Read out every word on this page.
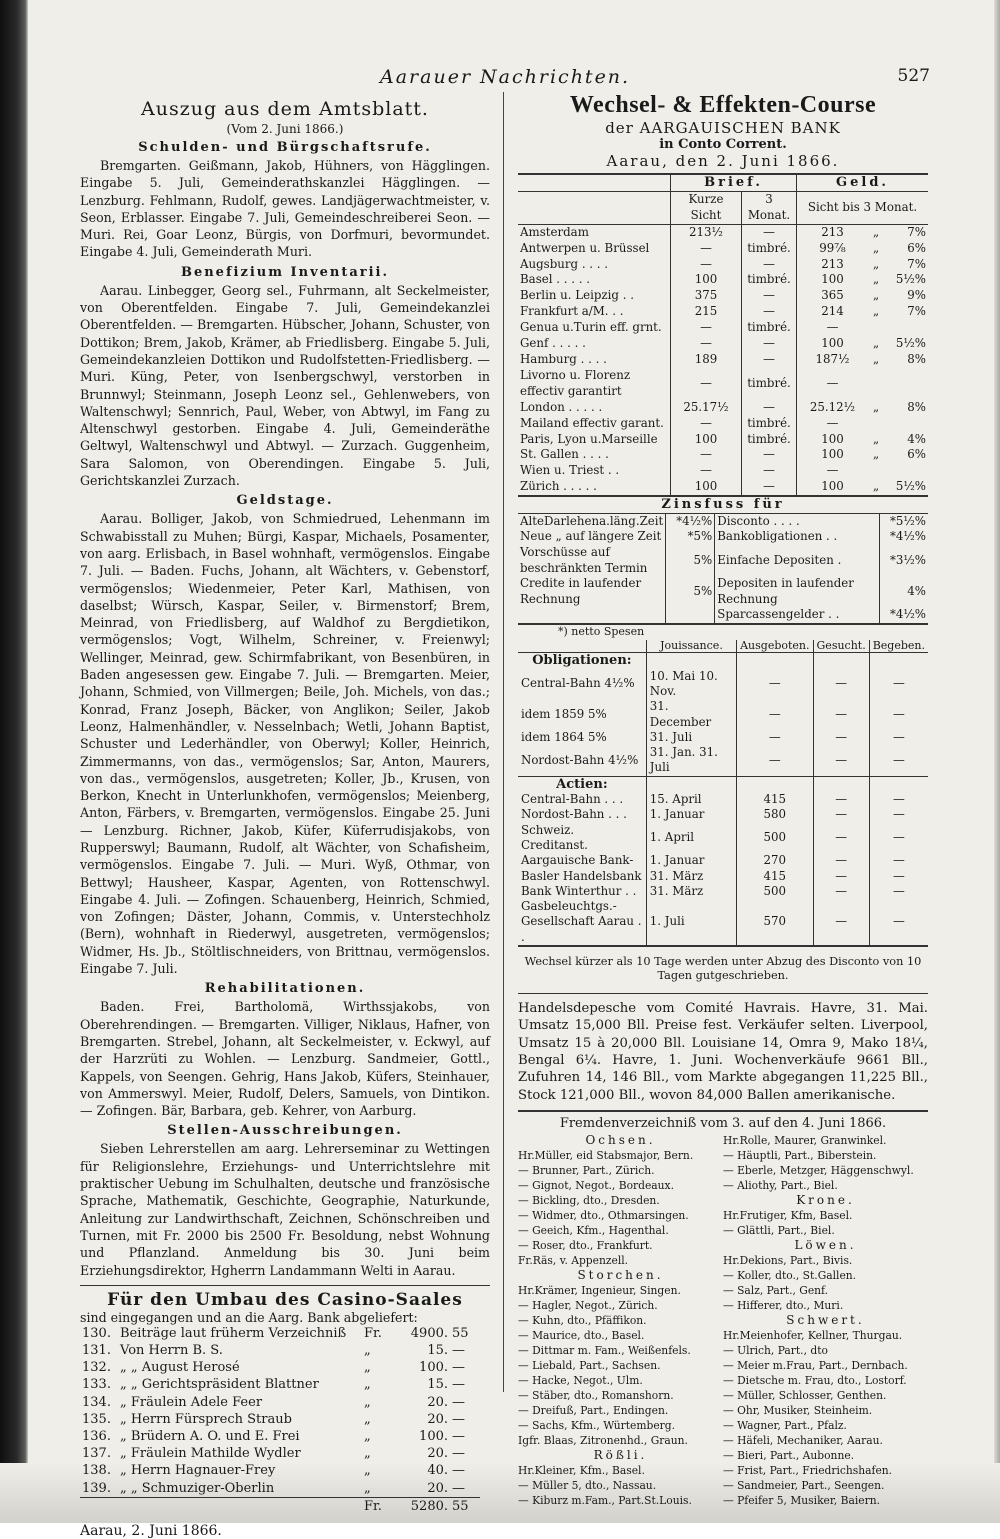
Aarauer Nachrichten.	527
Auszug aus dem Amtsblatt.
(Vom 2. Juni 1866.)
Schulden- und Bürgschaftsrufe.

Bremgarten. Geißmann, Jakob, Hühners, von Hägglingen. Eingabe 5. Juli, Gemeinderathskanzlei Hägglingen. — Lenzburg. Fehlmann, Rudolf, gewes. Landjägerwachtmeister, v. Seon, Erblasser. Eingabe 7. Juli, Gemeindeschreiberei Seon. — Muri. Rei, Goar Leonz, Bürgis, von Dorfmuri, bevormundet. Eingabe 4. Juli, Gemeinderath Muri.

Benefizium Inventarii.

Aarau. Linbegger, Georg sel., Fuhrmann, alt Seckelmeister, von Oberentfelden. Eingabe 7. Juli, Gemeindekanzlei Oberentfelden. — Bremgarten. Hübscher, Johann, Schuster, von Dottikon; Brem, Jakob, Krämer, ab Friedlisberg. Eingabe 5. Juli, Gemeindekanzleien Dottikon und Rudolfstetten-Friedlisberg. — Muri. Küng, Peter, von Isenbergschwyl, verstorben in Brunnwyl; Steinmann, Joseph Leonz sel., Gehlenwebers, von Waltenschwyl; Sennrich, Paul, Weber, von Abtwyl, im Fang zu Altenschwyl gestorben. Eingabe 4. Juli, Gemeinderäthe Geltwyl, Waltenschwyl und Abtwyl. — Zurzach. Guggenheim, Sara Salomon, von Oberendingen. Eingabe 5. Juli, Gerichtskanzlei Zurzach.

Geldstage.

Aarau. Bolliger, Jakob, von Schmiedrued, Lehenmann im Schwabisstall zu Muhen; Bürgi, Kaspar, Michaels, Posamenter, von aarg. Erlisbach, in Basel wohnhaft, vermögenslos. Eingabe 7. Juli. — Baden. Fuchs, Johann, alt Wächters, v. Gebenstorf, vermögenslos; Wiedenmeier, Peter Karl, Mathisen, von daselbst; Würsch, Kaspar, Seiler, v. Birmenstorf; Brem, Meinrad, von Friedlisberg, auf Waldhof zu Bergdietikon, vermögenslos; Vogt, Wilhelm, Schreiner, v. Freienwyl; Wellinger, Meinrad, gew. Schirmfabrikant, von Besenbüren, in Baden angesessen gew. Eingabe 7. Juli. — Bremgarten. Meier, Johann, Schmied, von Villmergen; Beile, Joh. Michels, von das.; Konrad, Franz Joseph, Bäcker, von Anglikon; Seiler, Jakob Leonz, Halmenhändler, v. Nesselnbach; Wetli, Johann Baptist, Schuster und Lederhändler, von Oberwyl; Koller, Heinrich, Zimmermanns, von das., vermögenslos; Sar, Anton, Maurers, von das., vermögenslos, ausgetreten; Koller, Jb., Krusen, von Berkon, Knecht in Unterlunkhofen, vermögenslos; Meienberg, Anton, Färbers, v. Bremgarten, vermögenslos. Eingabe 25. Juni — Lenzburg. Richner, Jakob, Küfer, Küferrudisjakobs, von Rupperswyl; Baumann, Rudolf, alt Wächter, von Schafisheim, vermögenslos. Eingabe 7. Juli. — Muri. Wyß, Othmar, von Bettwyl; Hausheer, Kaspar, Agenten, von Rottenschwyl. Eingabe 4. Juli. — Zofingen. Schauenberg, Heinrich, Schmied, von Zofingen; Däster, Johann, Commis, v. Unterstechholz (Bern), wohnhaft in Riederwyl, ausgetreten, vermögenslos; Widmer, Hs. Jb., Stöltlischneiders, von Brittnau, vermögenslos. Eingabe 7. Juli.

Rehabilitationen.

Baden. Frei, Bartholomä, Wirthssjakobs, von Oberehrendingen. — Bremgarten. Villiger, Niklaus, Hafner, von Bremgarten. Strebel, Johann, alt Seckelmeister, v. Eckwyl, auf der Harzrüti zu Wohlen. — Lenzburg. Sandmeier, Gottl., Kappels, von Seengen. Gehrig, Hans Jakob, Küfers, Steinhauer, von Ammerswyl. Meier, Rudolf, Delers, Samuels, von Dintikon. — Zofingen. Bär, Barbara, geb. Kehrer, von Aarburg.

Stellen-Ausschreibungen.

Sieben Lehrerstellen am aarg. Lehrerseminar zu Wettingen für Religionslehre, Erziehungs- und Unterrichtslehre mit praktischer Uebung im Schulhalten, deutsche und französische Sprache, Mathematik, Geschichte, Geographie, Naturkunde, Anleitung zur Landwirthschaft, Zeichnen, Schönschreiben und Turnen, mit Fr. 2000 bis 2500 Fr. Besoldung, nebst Wohnung und Pflanzland. Anmeldung bis 30. Juni beim Erziehungsdirektor, Hgherrn Landammann Welti in Aarau.

Für den Umbau des Casino-Saales
sind eingegangen und an die Aarg. Bank abgeliefert:
130.	Beiträge laut früherm Verzeichniß	Fr.	4900.	55
131.	Von Herrn B. S.	„	15.	—
132.	„ „ August Herosé	„	100.	—
133.	„ „ Gerichtspräsident Blattner	„	15.	—
134.	„ Fräulein Adele Feer	„	20.	—
135.	„ Herrn Fürsprech Straub	„	20.	—
136.	„ Brüdern A. O. und E. Frei	„	100.	—
137.	„ Fräulein Mathilde Wydler	„	20.	—
138.	„ Herrn Hagnauer-Frey	„	40.	—
139.	„ „ Schmuziger-Oberlin	„	20.	—
		Fr.	5280.	55
Aarau, 2. Juni 1866.
Wechsel- & Effekten-Course
der AARGAUISCHEN BANK
in Conto Corrent.
Aarau, den 2. Juni 1866.
	Brief.		Geld.		
	Kurze Sicht	3 Monat.	Sicht bis 3 Monat.		
Amsterdam	213½	—	213	„	7%
Antwerpen u. Brüssel	—	timbré.	99⅞	„	6%
Augsburg . . . .	—	—	213	„	7%
Basel . . . . .	100	timbré.	100	„	5½%
Berlin u. Leipzig . .	375	—	365	„	9%
Frankfurt a/M. . .	215	—	214	„	7%
Genua u.Turin eff. grnt.	—	timbré.	—		
Genf . . . . .	—	—	100	„	5½%
Hamburg . . . .	189	—	187½	„	8%
Livorno u. Florenz effectiv garantirt	—	timbré.	—		
London . . . . .	25.17½	—	25.12½	„	8%
Mailand effectiv garant.	—	timbré.	—		
Paris, Lyon u.Marseille	100	timbré.	100	„	4%
St. Gallen . . . .	—	—	100	„	6%
Wien u. Triest . .	—	—	—		
Zürich . . . . .	100	—	100	„	5½%
Zinsfuss für			
AlteDarlehena.läng.Zeit	*4½%	Disconto . . . .	*5½%
Neue „ auf längere Zeit	*5%	Bankobligationen . .	*4½%
Vorschüsse auf beschränkten Termin	5%	Einfache Depositen .	*3½%
Credite in laufender Rechnung	5%	Depositen in laufender Rechnung	4%
		Sparcassengelder . .	*4½%
*) netto Spesen
	Jouissance.	Ausgeboten.	Gesucht.	Begeben.
Obligationen:				
Central-Bahn 4½%	10. Mai 10. Nov.	—	—	—
idem 1859 5%	31. December	—	—	—
idem 1864 5%	31. Juli	—	—	—
Nordost-Bahn 4½%	31. Jan. 31. Juli	—	—	—
Actien:				
Central-Bahn . . .	15. April	415	—	—
Nordost-Bahn . . .	1. Januar	580	—	—
Schweiz. Creditanst.	1. April	500	—	—
Aargauische Bank-	1. Januar	270	—	—
Basler Handelsbank	31. März	415	—	—
Bank Winterthur . .	31. März	500	—	—
Gasbeleuchtgs.-Gesellschaft Aarau . .	1. Juli	570	—	—
Wechsel kürzer als 10 Tage werden unter Abzug des Disconto von 10 Tagen gutgeschrieben.
Handelsdepesche vom Comité Havrais. Havre, 31. Mai. Umsatz 15,000 Bll. Preise fest. Verkäufer selten. Liverpool, Umsatz 15 à 20,000 Bll. Louisiane 14, Omra 9, Mako 18¼, Bengal 6¼. Havre, 1. Juni. Wochenverkäufe 9661 Bll., Zufuhren 14, 146 Bll., vom Markte abgegangen 11,225 Bll., Stock 121,000 Bll., wovon 84,000 Ballen amerikanische.
Fremdenverzeichniß vom 3. auf den 4. Juni 1866.
Ochsen.
Hr.Müller, eid Stabsmajor, Bern.
— Brunner, Part., Zürich.
— Gignot, Negot., Bordeaux.
— Bickling, dto., Dresden.
— Widmer, dto., Othmarsingen.
— Geeich, Kfm., Hagenthal.
— Roser, dto., Frankfurt.
Fr.Räs, v. Appenzell.
Storchen.
Hr.Krämer, Ingenieur, Singen.
— Hagler, Negot., Zürich.
— Kuhn, dto., Pfäffikon.
— Maurice, dto., Basel.
— Dittmar m. Fam., Weißenfels.
— Liebald, Part., Sachsen.
— Hacke, Negot., Ulm.
— Stäber, dto., Romanshorn.
— Dreifuß, Part., Endingen.
— Sachs, Kfm., Würtemberg.
Igfr. Blaas, Zitronenhd., Graun.
Rößli.
Hr.Kleiner, Kfm., Basel.
— Müller 5, dto., Nassau.
— Kiburz m.Fam., Part.St.Louis.
Hr.Rolle, Maurer, Granwinkel.
— Häuptli, Part., Biberstein.
— Eberle, Metzger, Häggenschwyl.
— Aliothy, Part., Biel.
Krone.
Hr.Frutiger, Kfm, Basel.
— Glättli, Part., Biel.
Löwen.
Hr.Dekions, Part., Bivis.
— Koller, dto., St.Gallen.
— Salz, Part., Genf.
— Hifferer, dto., Muri.
Schwert.
Hr.Meienhofer, Kellner, Thurgau.
— Ulrich, Part., dto
— Meier m.Frau, Part., Dernbach.
— Dietsche m. Frau, dto., Lostorf.
— Müller, Schlosser, Genthen.
— Ohr, Musiker, Steinheim.
— Wagner, Part., Pfalz.
— Häfeli, Mechaniker, Aarau.
— Bieri, Part., Aubonne.
— Frist, Part., Friedrichshafen.
— Sandmeier, Part., Seengen.
— Pfeifer 5, Musiker, Baiern.
